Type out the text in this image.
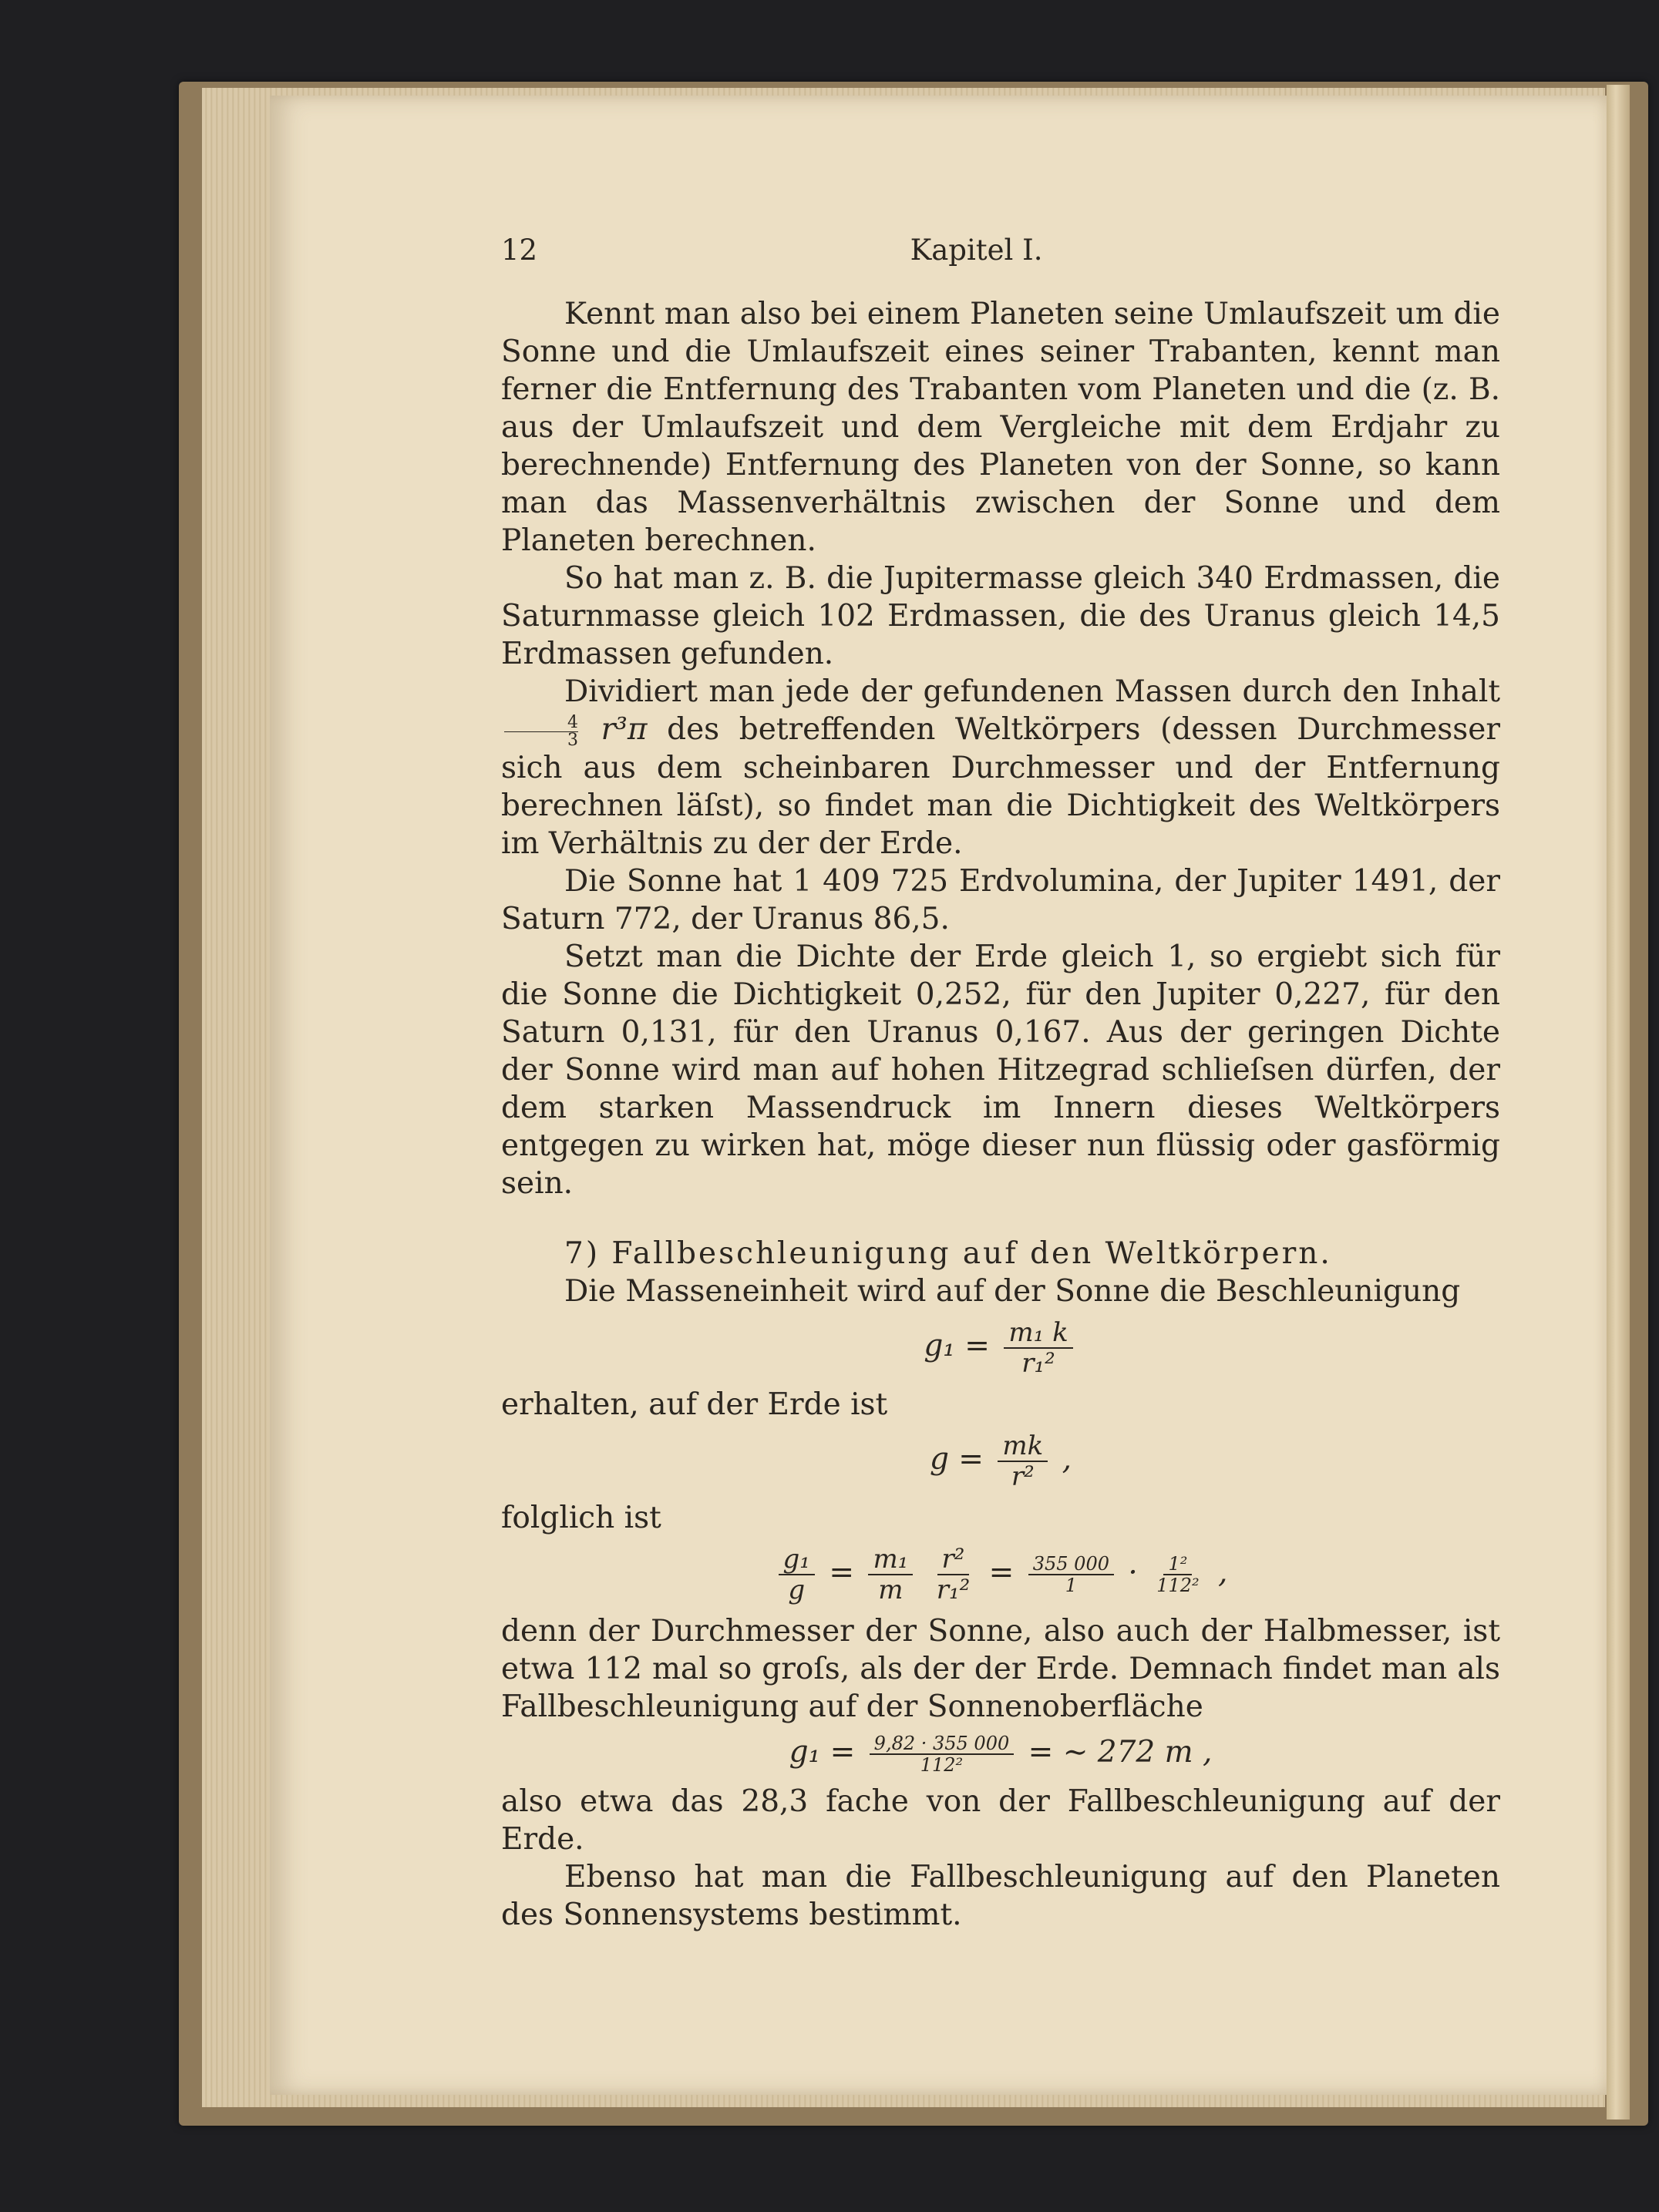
12	Kapitel I.

Kennt man also bei einem Planeten seine Umlaufszeit um die Sonne und die Umlaufszeit eines seiner Trabanten, kennt man ferner die Entfernung des Trabanten vom Planeten und die (z. B. aus der Umlaufszeit und dem Vergleiche mit dem Erdjahr zu berechnende) Entfernung des Planeten von der Sonne, so kann man das Massenverhältnis zwischen der Sonne und dem Planeten berechnen.

So hat man z. B. die Jupitermasse gleich 340 Erdmassen, die Saturnmasse gleich 102 Erdmassen, die des Uranus gleich 14,5 Erdmassen gefunden.

Dividiert man jede der gefundenen Massen durch den Inhalt
$\frac{4}{3} r^3\pi$ des betreffenden Weltkörpers (dessen Durchmesser sich aus dem scheinbaren Durchmesser und der Entfernung berechnen läſst), so findet man die Dichtigkeit des Weltkörpers im Verhältnis zu der der Erde.

Die Sonne hat 1 409 725 Erdvolumina, der Jupiter 1491, der Saturn 772, der Uranus 86,5.

Setzt man die Dichte der Erde gleich 1, so ergiebt sich für die Sonne die Dichtigkeit 0,252, für den Jupiter 0,227, für den Saturn 0,131, für den Uranus 0,167. Aus der geringen Dichte der Sonne wird man auf hohen Hitzegrad schlieſsen dürfen, der dem starken Massendruck im Innern dieses Weltkörpers entgegen zu wirken hat, möge dieser nun flüssig oder gasförmig sein.

7) Fallbeschleunigung auf den Weltkörpern.

Die Masseneinheit wird auf der Sonne die Beschleunigung

$g_1 = \frac{\text{m₁ k}}{\text{r₁²}}$

erhalten, auf der Erde ist

$g = \frac{mk}{\text{r²}}$ ,

folglich ist

$\frac{\text{g₁}}{g} = \frac{\text{m₁}}{m}$
$\frac{\text{r²}}{\text{r₁²}} = \frac{355 000}{1} \cdot \frac{\text{1²}}{\text{112²}}$ ,

denn der Durchmesser der Sonne, also auch der Halbmesser, ist etwa 112 mal so groſs, als der der Erde. Demnach findet man als Fallbeschleunigung auf der Sonnenoberfläche

$g_1 = \frac{9,82 \cdot 355 000}{\text{112²}}$ = ∼ 272 m ,

also etwa das 28,3 fache von der Fallbeschleunigung auf der Erde.

Ebenso hat man die Fallbeschleunigung auf den Planeten des Sonnensystems bestimmt.
